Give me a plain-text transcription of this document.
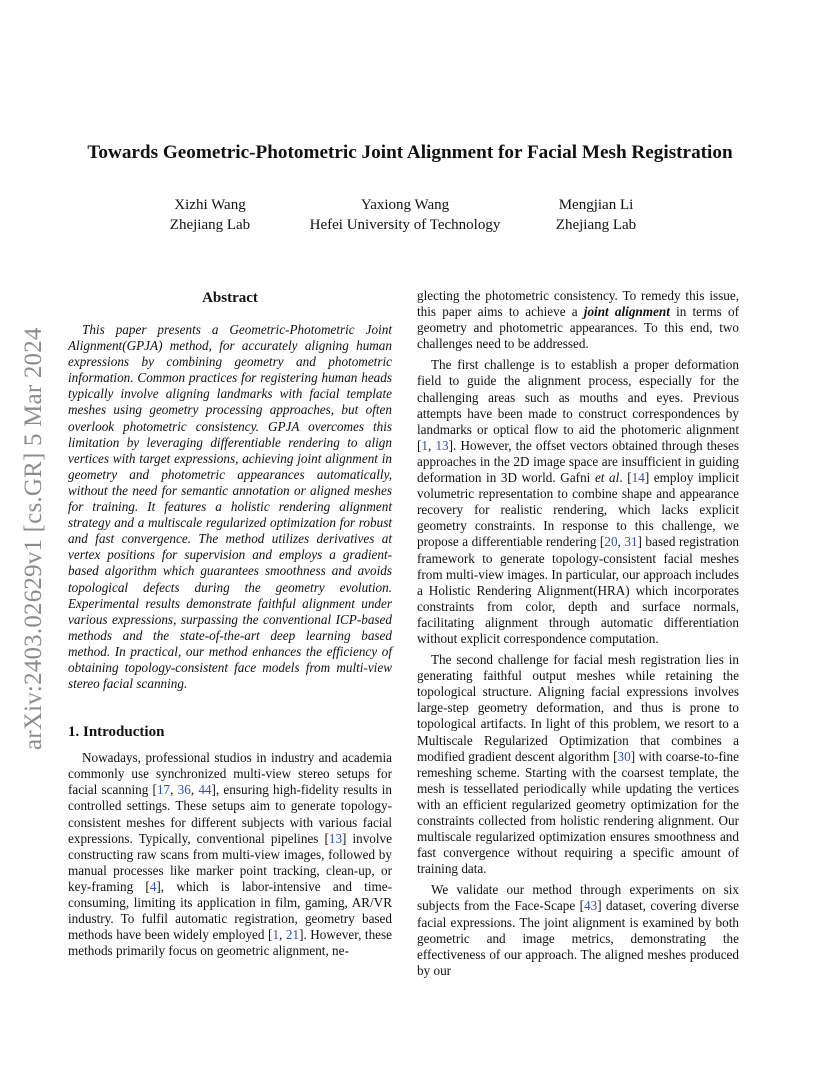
arXiv:2403.02629v1 [cs.GR] 5 Mar 2024
Towards Geometric-Photometric Joint Alignment for Facial Mesh Registration
Xizhi Wang
Zhejiang Lab
Yaxiong Wang
Hefei University of Technology
Mengjian Li
Zhejiang Lab
Abstract

This paper presents a Geometric-Photometric Joint Alignment(GPJA) method, for accurately aligning human expressions by combining geometry and photometric information. Common practices for registering human heads typically involve aligning landmarks with facial template meshes using geometry processing approaches, but often overlook photometric consistency. GPJA overcomes this limitation by leveraging differentiable rendering to align vertices with target expressions, achieving joint alignment in geometry and photometric appearances automatically, without the need for semantic annotation or aligned meshes for training. It features a holistic rendering alignment strategy and a multiscale regularized optimization for robust and fast convergence. The method utilizes derivatives at vertex positions for supervision and employs a gradient-based algorithm which guarantees smoothness and avoids topological defects during the geometry evolution. Experimental results demonstrate faithful alignment under various expressions, surpassing the conventional ICP-based methods and the state-of-the-art deep learning based method. In practical, our method enhances the efficiency of obtaining topology-consistent face models from multi-view stereo facial scanning.

1. Introduction

Nowadays, professional studios in industry and academia commonly use synchronized multi-view stereo setups for facial scanning [17, 36, 44], ensuring high-fidelity results in controlled settings. These setups aim to generate topology-consistent meshes for different subjects with various facial expressions. Typically, conventional pipelines [13] involve constructing raw scans from multi-view images, followed by manual processes like marker point tracking, clean-up, or key-framing [4], which is labor-intensive and time-consuming, limiting its application in film, gaming, AR/VR industry. To fulfil automatic registration, geometry based methods have been widely employed [1, 21]. However, these methods primarily focus on geometric alignment, ne-

glecting the photometric consistency. To remedy this issue, this paper aims to achieve a joint alignment in terms of geometry and photometric appearances. To this end, two challenges need to be addressed.

The first challenge is to establish a proper deformation field to guide the alignment process, especially for the challenging areas such as mouths and eyes. Previous attempts have been made to construct correspondences by landmarks or optical flow to aid the photomeric alignment [1, 13]. However, the offset vectors obtained through theses approaches in the 2D image space are insufficient in guiding deformation in 3D world. Gafni et al. [14] employ implicit volumetric representation to combine shape and appearance recovery for realistic rendering, which lacks explicit geometry constraints. In response to this challenge, we propose a differentiable rendering [20, 31] based registration framework to generate topology-consistent facial meshes from multi-view images. In particular, our approach includes a Holistic Rendering Alignment(HRA) which incorporates constraints from color, depth and surface normals, facilitating alignment through automatic differentiation without explicit correspondence computation.

The second challenge for facial mesh registration lies in generating faithful output meshes while retaining the topological structure. Aligning facial expressions involves large-step geometry deformation, and thus is prone to topological artifacts. In light of this problem, we resort to a Multiscale Regularized Optimization that combines a modified gradient descent algorithm [30] with coarse-to-fine remeshing scheme. Starting with the coarsest template, the mesh is tessellated periodically while updating the vertices with an efficient regularized geometry optimization for the constraints collected from holistic rendering alignment. Our multiscale regularized optimization ensures smoothness and fast convergence without requiring a specific amount of training data.

We validate our method through experiments on six subjects from the Face-Scape [43] dataset, covering diverse facial expressions. The joint alignment is examined by both geometric and image metrics, demonstrating the effectiveness of our approach. The aligned meshes produced by our
